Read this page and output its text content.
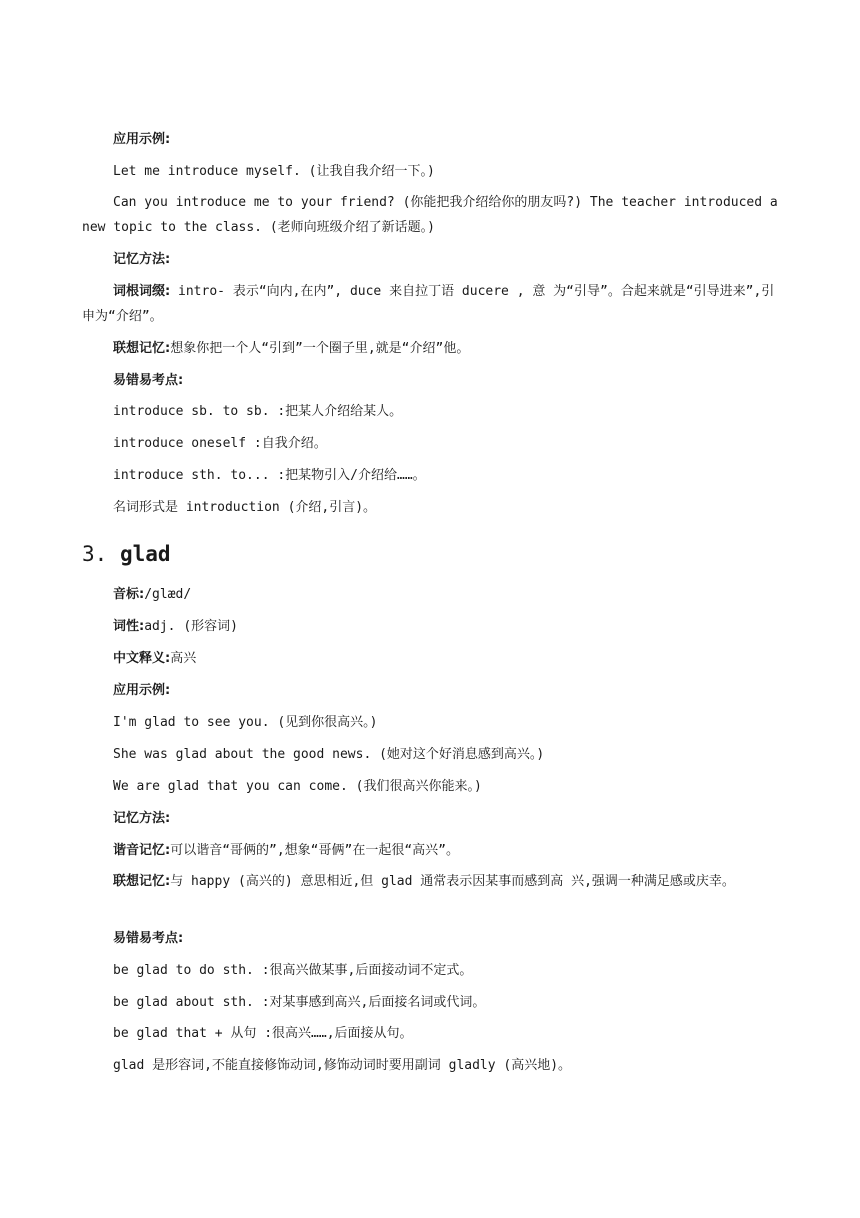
应用示例:

Let me introduce myself. (让我自我介绍一下。)

Can you introduce me to your friend? (你能把我介绍给你的朋友吗?) The teacher introduced a new topic to the class. (老师向班级介绍了新话题。)

记忆方法:

词根词缀: intro- 表示“向内,在内”, duce 来自拉丁语 ducere , 意 为“引导”。合起来就是“引导进来”,引申为“介绍”。

联想记忆:想象你把一个人“引到”一个圈子里,就是“介绍”他。

易错易考点:

introduce sb. to sb. :把某人介绍给某人。

introduce oneself :自我介绍。

introduce sth. to... :把某物引入/介绍给……。

名词形式是 introduction (介绍,引言)。

3. glad

音标:/glæd/

词性:adj. (形容词)

中文释义:高兴

应用示例:

I'm glad to see you. (见到你很高兴。)

She was glad about the good news. (她对这个好消息感到高兴。)

We are glad that you can come. (我们很高兴你能来。)

记忆方法:

谐音记忆:可以谐音“哥俩的”,想象“哥俩”在一起很“高兴”。

联想记忆:与 happy (高兴的) 意思相近,但 glad 通常表示因某事而感到高 兴,强调一种满足感或庆幸。

易错易考点:

be glad to do sth. :很高兴做某事,后面接动词不定式。

be glad about sth. :对某事感到高兴,后面接名词或代词。

be glad that + 从句 :很高兴……,后面接从句。

glad 是形容词,不能直接修饰动词,修饰动词时要用副词 gladly (高兴地)。
